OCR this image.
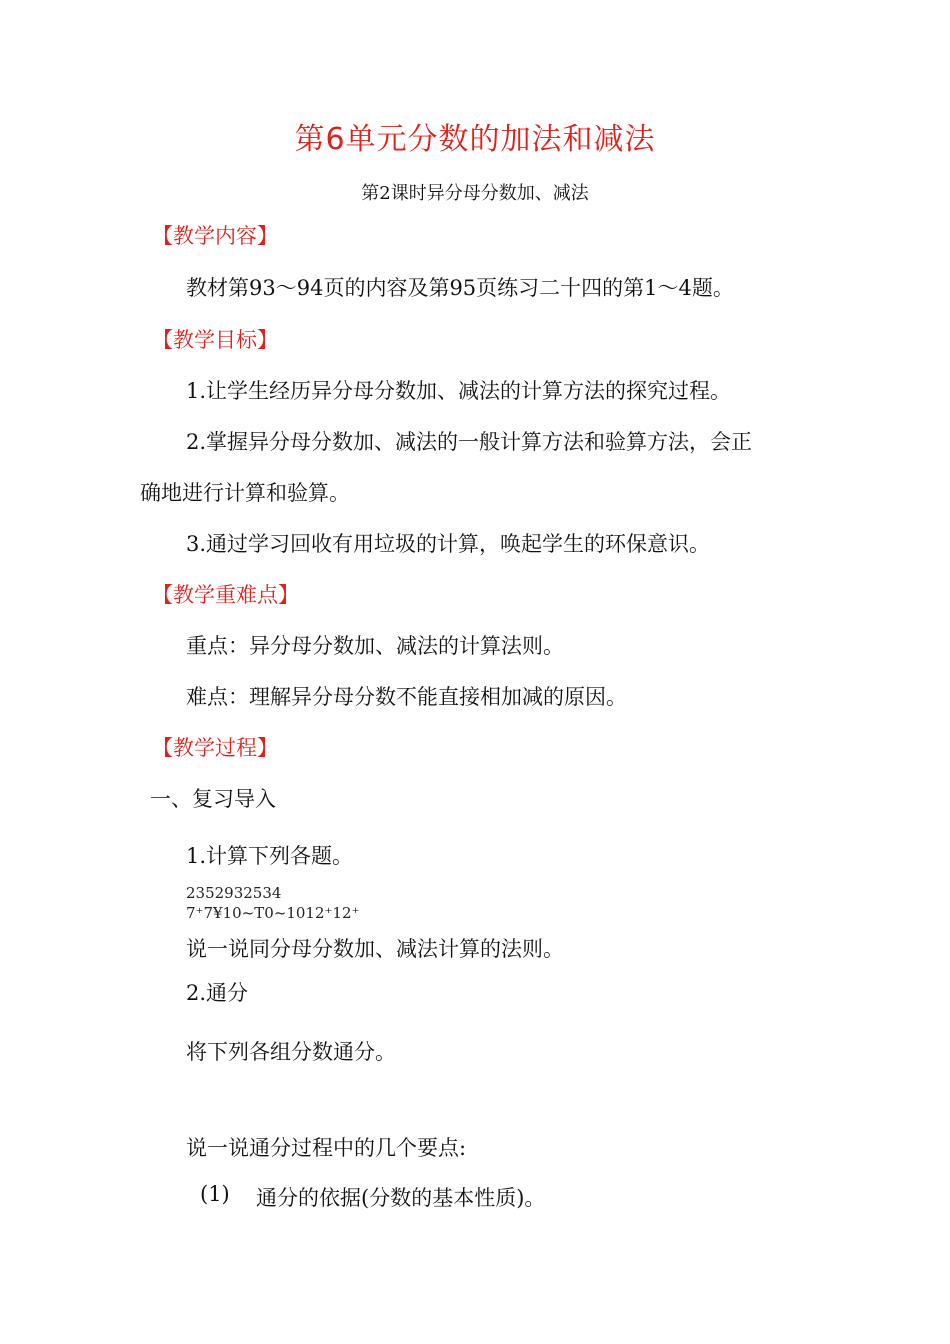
第6单元分数的加法和减法
第2课时异分母分数加、减法
【教学内容】
教材第93〜94页的内容及第95页练习二十四的第1〜4题。
【教学目标】
1.让学生经历异分母分数加、减法的计算方法的探究过程。
2.掌握异分母分数加、减法的一般计算方法和验算方法，会正
确地进行计算和验算。
3.通过学习回收有用垃圾的计算，唤起学生的环保意识。
【教学重难点】
重点：异分母分数加、减法的计算法则。
难点：理解异分母分数不能直接相加减的原因。
【教学过程】
一、复习导入
1.计算下列各题。
2352932534
7⁺7¥10~T0~1012⁺12⁺
说一说同分母分数加、减法计算的法则。
2.通分
将下列各组分数通分。
说一说通分过程中的几个要点:
(1) 通分的依据(分数的基本性质)。
